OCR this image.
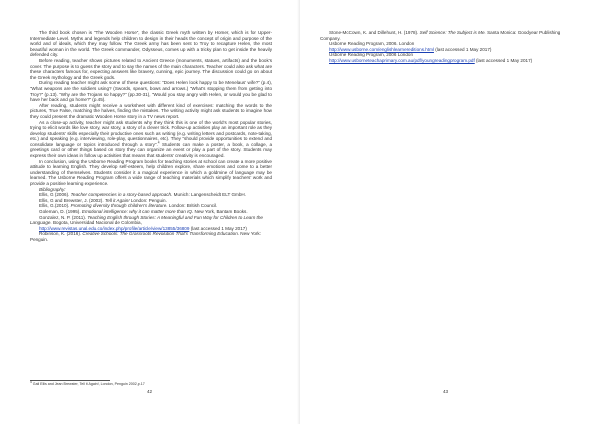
The third book chosen is “The Wooden Horse”, the classic Greek myth written by Homer, which is for Upper-Intermediate Level. Myths and legends help children to design in their heads the concept of origin and purpose of the world and of ideals, which they may follow. The Greek army has been sent to Troy to recapture Helen, the most beautiful woman in the world. The Greek commander, Odysseus, comes up with a tricky plan to get inside the heavily defended city.

Before reading, teacher shows pictures related to Ancient Greece (monuments, statues, artifacts) and the book’s cover. The purpose is to guess the story and to say the names of the main characters. Teacher could also ask what are these characters famous for, expecting answers like bravery, cunning, epic journey. The discussion could go on about the Greek mythology and the Greek gods.

During reading teacher might ask some of these questions: “Does Helen look happy to be Menelaus’ wife?” (p.4), “What weapons are the soldiers using? (Swords, spears, bows and arrows.) “What’s stopping them from getting into Troy?” (p.13). “Why are the Trojans so happy?” (pp.30-31), “Would you stay angry with Helen, or would you be glad to have her back and go home?” (p.45).

After reading, students might receive a worksheet with different kind of exercises: matching the words to the pictures, True False, matching the halves, finding the mistakes. The writing activity might ask students to imagine how they could present the dramatic Wooden Horse story in a TV news report.

As a close-up activity, teacher might ask students why they think this is one of the world’s most popular stories, trying to elicit words like love story, war story, a story of a clever trick. Follow-up activities play an important role as they develop students’ skills especially their productive ones such as writing (e.g. writing letters and postcards, note-taking, etc.) and speaking (e.g. interviewing, role-play, questionnaires, etc). They “should provide opportunities to extend and consolidate language or topics introduced through a story”.$^4$ Students can make a poster, a book, a collage, a greetings card or other things based on story they can organize an event or play a part of the story. Students may express their own ideas in follow up activities that means that students’ creativity is encouraged.

In conclusion, using the Usborne Reading Program books for teaching stories at school can create a more positive attitude to learning English. They develop self-esteem, help children explore, share emotions and come to a better understanding of themselves. Students consider it a magical experience in which a goldmine of language may be learned. The Usborne Reading Program offers a wide range of teaching materials which simplify teachers’ work and provide a positive learning experience.

Bibliography:

Ellis, G (2006). Teacher competencies in a story-based approach. Munich: Langenscheidt ELT GmbH.

Ellis, G and Brewster, J. (2002). Tell it Again! London: Penguin.

Ellis, G.(2010). Promoting diversity through children’s literature. London: British Council.

Goleman, D. (1995). Emotional intelligence: why it can matter more than IQ. New York, Bantam Books.

Gonzalez, N. P. (2011). Teaching English through Stories: A Meaningful and Fun Way for Children to Learn the Language. Bogota, Universidad Nacional de Colombia,

http://www.revistas.unal.edu.co/index.php/profile/article/view/13855/36809 (last accessed 1 May 2017)

Robinson, K. (2016). Creative Schools: The Grassroots Revolution That’s Transforming Education. New York: Penguin.

$^4$ Gail Ellis and Jean Brewster, Tell it Again!, London, Penguin 2002,p.17
42

Stone-McCown, K. and Dillehunt, H. (1978). Self Science: The Subject is Me. Santa Monica: Goodyear Publishing Company.

Usborne Reading Program, 2006. London

http://www.usborne.com/englishlearnereditions.html (last accessed 1 May 2017)

Usborne Reading Program, 2006 London

http://www.usborneteachaprimary.com.au/pdf/youngreadingprogram.pdf (last accessed 1 May 2017)

43
